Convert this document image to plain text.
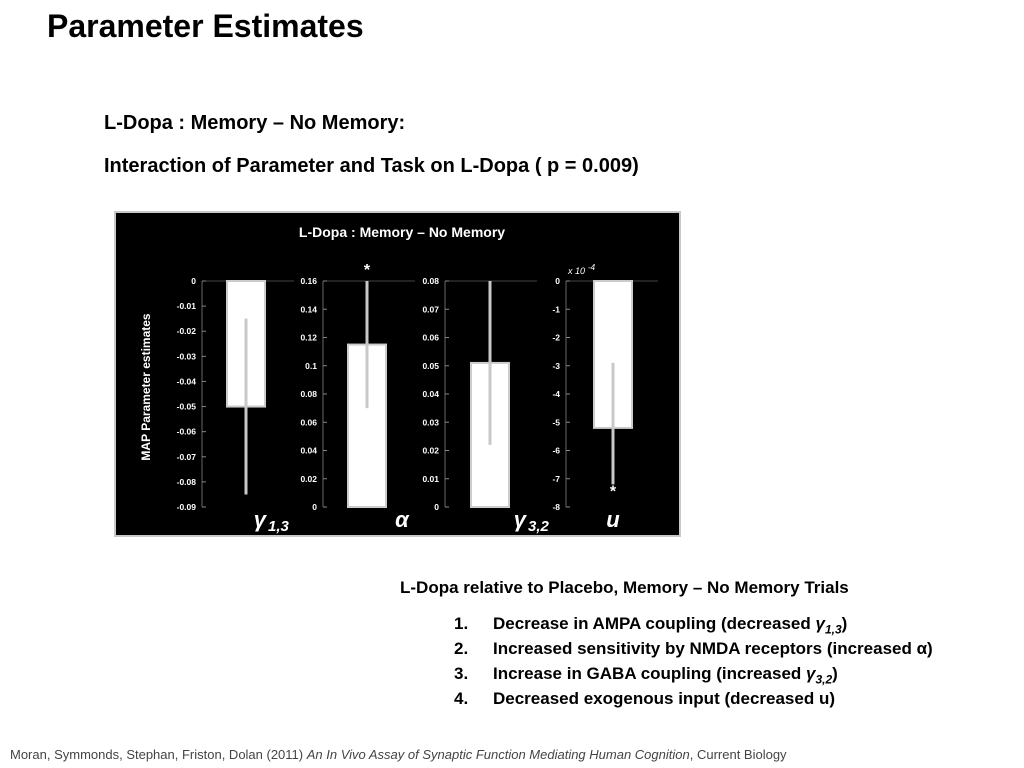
Parameter Estimates
L-Dopa : Memory – No Memory:
Interaction of Parameter and Task on L-Dopa ( p = 0.009)
L-Dopa : Memory – No Memory
MAP Parameter estimates
0
-0.01
-0.02
-0.03
-0.04
-0.05
-0.06
-0.07
-0.08
-0.09	γ 1,3
0.16
0.14
0.12
0.1
0.08
0.06
0.04
0.02
0
*
α
0.08
0.07
0.06
0.05
0.04
0.03
0.02
0.01
0	γ 3,2
0
-1
-2
-3
-4
-5
-6
-7
-8
*
x 10 -4
u
L-Dopa relative to Placebo, Memory – No Memory Trials
1. Decrease in AMPA coupling (decreased $\gamma_{1,3}$)
2. Increased sensitivity by NMDA receptors (increased α)
3. Increase in GABA coupling (increased $\gamma_{3,2}$)
4. Decreased exogenous input (decreased u)
Moran, Symmonds, Stephan, Friston, Dolan (2011) An In Vivo Assay of Synaptic Function Mediating Human Cognition, Current Biology
